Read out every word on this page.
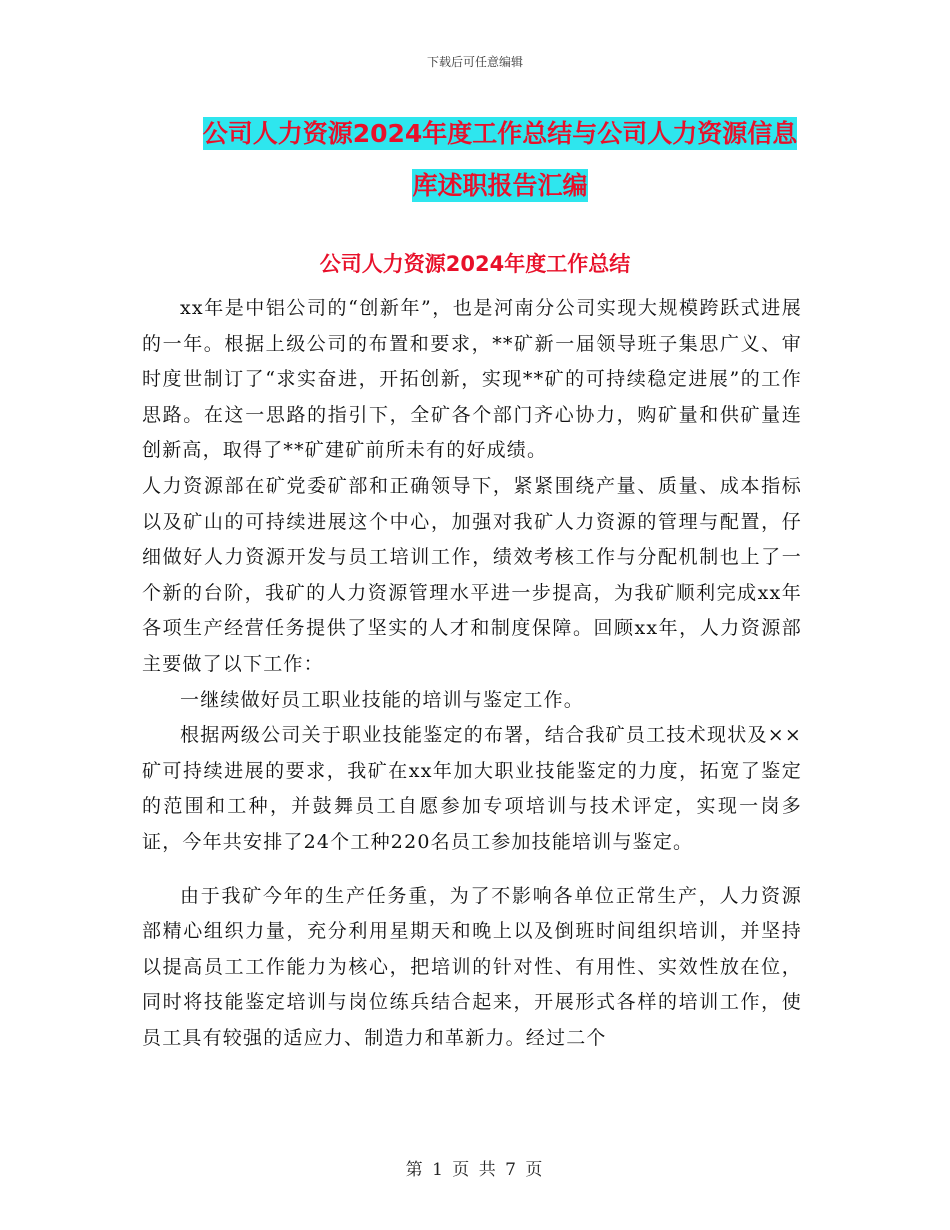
下载后可任意编辑
公司人力资源2024年度工作总结与公司人力资源信息
库述职报告汇编
公司人力资源2024年度工作总结

xx年是中铝公司的“创新年”，也是河南分公司实现大规模跨跃式进展的一年。根据上级公司的布置和要求，**矿新一届领导班子集思广义、审时度世制订了“求实奋进，开拓创新，实现**矿的可持续稳定进展”的工作思路。在这一思路的指引下，全矿各个部门齐心协力，购矿量和供矿量连创新高，取得了**矿建矿前所未有的好成绩。

人力资源部在矿党委矿部和正确领导下，紧紧围绕产量、质量、成本指标以及矿山的可持续进展这个中心，加强对我矿人力资源的管理与配置，仔细做好人力资源开发与员工培训工作，绩效考核工作与分配机制也上了一个新的台阶，我矿的人力资源管理水平进一步提高，为我矿顺利完成xx年各项生产经营任务提供了坚实的人才和制度保障。回顾xx年，人力资源部主要做了以下工作：

一继续做好员工职业技能的培训与鉴定工作。

根据两级公司关于职业技能鉴定的布署，结合我矿员工技术现状及××矿可持续进展的要求，我矿在xx年加大职业技能鉴定的力度，拓宽了鉴定的范围和工种，并鼓舞员工自愿参加专项培训与技术评定，实现一岗多证，今年共安排了24个工种220名员工参加技能培训与鉴定。

由于我矿今年的生产任务重，为了不影响各单位正常生产，人力资源部精心组织力量，充分利用星期天和晚上以及倒班时间组织培训，并坚持以提高员工工作能力为核心，把培训的针对性、有用性、实效性放在位，同时将技能鉴定培训与岗位练兵结合起来，开展形式各样的培训工作，使员工具有较强的适应力、制造力和革新力。经过二个

第 1 页 共 7 页
